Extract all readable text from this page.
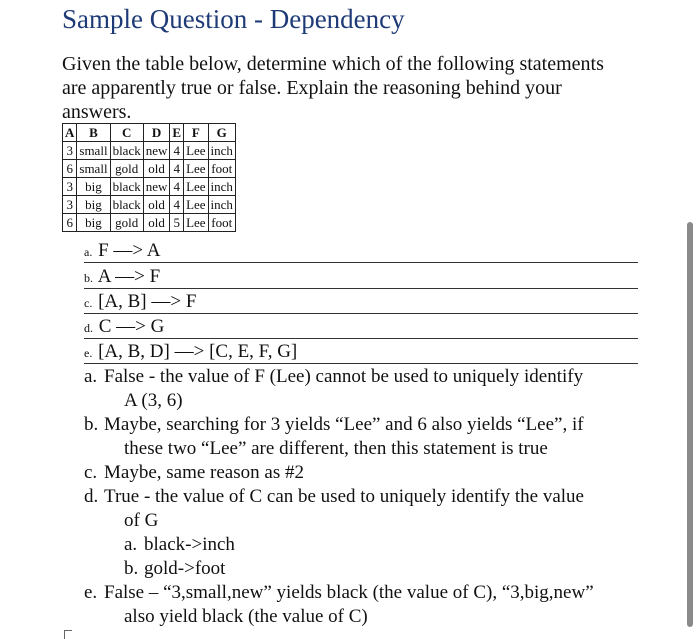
Sample Question - Dependency
Given the table below, determine which of the following statements
are apparently true or false. Explain the reasoning behind your
answers.
A	B	C	D	E	F	G
3	small	black	new	4	Lee	inch
6	small	gold	old	4	Lee	foot
3	big	black	new	4	Lee	inch
3	big	black	old	4	Lee	inch
6	big	gold	old	5	Lee	foot
a. F —> A
b. A —> F
c. [A, B] —> F
d. C —> G
e. [A, B, D] —> [C, E, F, G]
a. False - the value of F (Lee) cannot be used to uniquely identify
A (3, 6)
b. Maybe, searching for 3 yields “Lee” and 6 also yields “Lee”, if
these two “Lee” are different, then this statement is true
c. Maybe, same reason as #2
d. True - the value of C can be used to uniquely identify the value
of G
a. black->inch
b. gold->foot
e. False – “3,small,new” yields black (the value of C), “3,big,new”
also yield black (the value of C)
